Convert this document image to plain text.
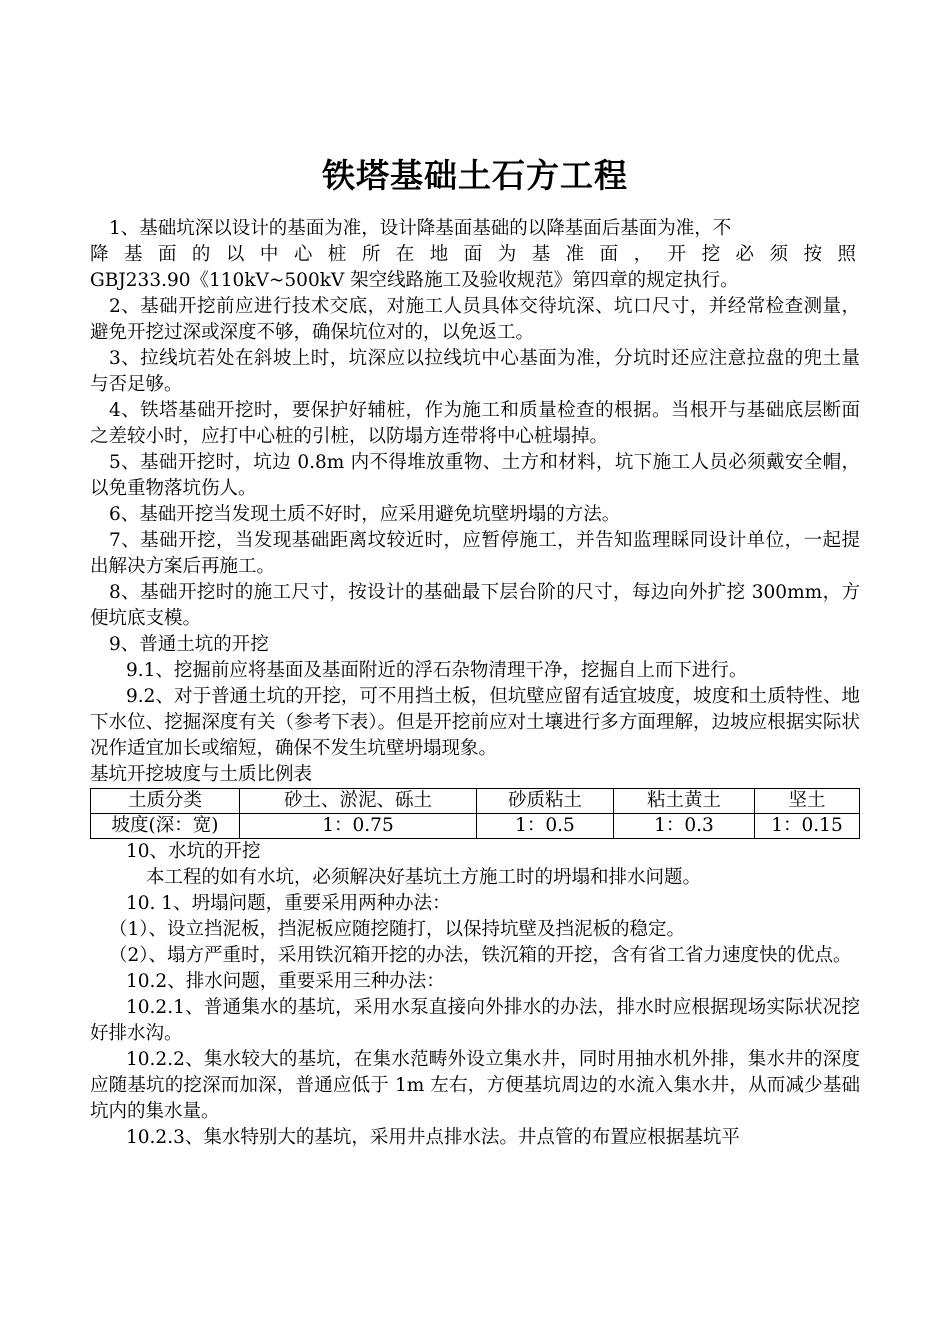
铁塔基础土石方工程

1、基础坑深以设计的基面为准，设计降基面基础的以降基面后基面为准，不

降基面的以中心桩所在地面为基准面，开挖必须按照

GBJ233.90《110kV~500kV 架空线路施工及验收规范》第四章的规定执行。

2、基础开挖前应进行技术交底，对施工人员具体交待坑深、坑口尺寸，并经常检查测量，避免开挖过深或深度不够，确保坑位对的，以免返工。

3、拉线坑若处在斜坡上时，坑深应以拉线坑中心基面为准，分坑时还应注意拉盘的兜土量与否足够。

4、铁塔基础开挖时，要保护好辅桩，作为施工和质量检查的根据。当根开与基础底层断面之差较小时，应打中心桩的引桩，以防塌方连带将中心桩塌掉。

5、基础开挖时，坑边 0.8m 内不得堆放重物、土方和材料，坑下施工人员必须戴安全帽，以免重物落坑伤人。

6、基础开挖当发现土质不好时，应采用避免坑壁坍塌的方法。

7、基础开挖，当发现基础距离坟较近时，应暂停施工，并告知监理睬同设计单位，一起提出解决方案后再施工。

8、基础开挖时的施工尺寸，按设计的基础最下层台阶的尺寸，每边向外扩挖 300mm，方便坑底支模。

9、普通土坑的开挖

9.1、挖掘前应将基面及基面附近的浮石杂物清理干净，挖掘自上而下进行。

9.2、对于普通土坑的开挖，可不用挡土板，但坑壁应留有适宜坡度，坡度和土质特性、地下水位、挖掘深度有关（参考下表）。但是开挖前应对土壤进行多方面理解，边坡应根据实际状况作适宜加长或缩短，确保不发生坑壁坍塌现象。

基坑开挖坡度与土质比例表

土质分类	砂土、淤泥、砾土	砂质粘土	粘土黄土	坚土
坡度(深：宽)	1：0.75	1：0.5	1：0.3	1：0.15

10、水坑的开挖

本工程的如有水坑，必须解决好基坑土方施工时的坍塌和排水问题。

10. 1、坍塌问题，重要采用两种办法：

（1）、设立挡泥板，挡泥板应随挖随打，以保持坑壁及挡泥板的稳定。

（2）、塌方严重时，采用铁沉箱开挖的办法，铁沉箱的开挖，含有省工省力速度快的优点。

10.2、排水问题，重要采用三种办法：

10.2.1、普通集水的基坑，采用水泵直接向外排水的办法，排水时应根据现场实际状况挖好排水沟。

10.2.2、集水较大的基坑，在集水范畴外设立集水井，同时用抽水机外排，集水井的深度应随基坑的挖深而加深，普通应低于 1m 左右，方便基坑周边的水流入集水井，从而减少基础坑内的集水量。

10.2.3、集水特别大的基坑，采用井点排水法。井点管的布置应根据基坑平
